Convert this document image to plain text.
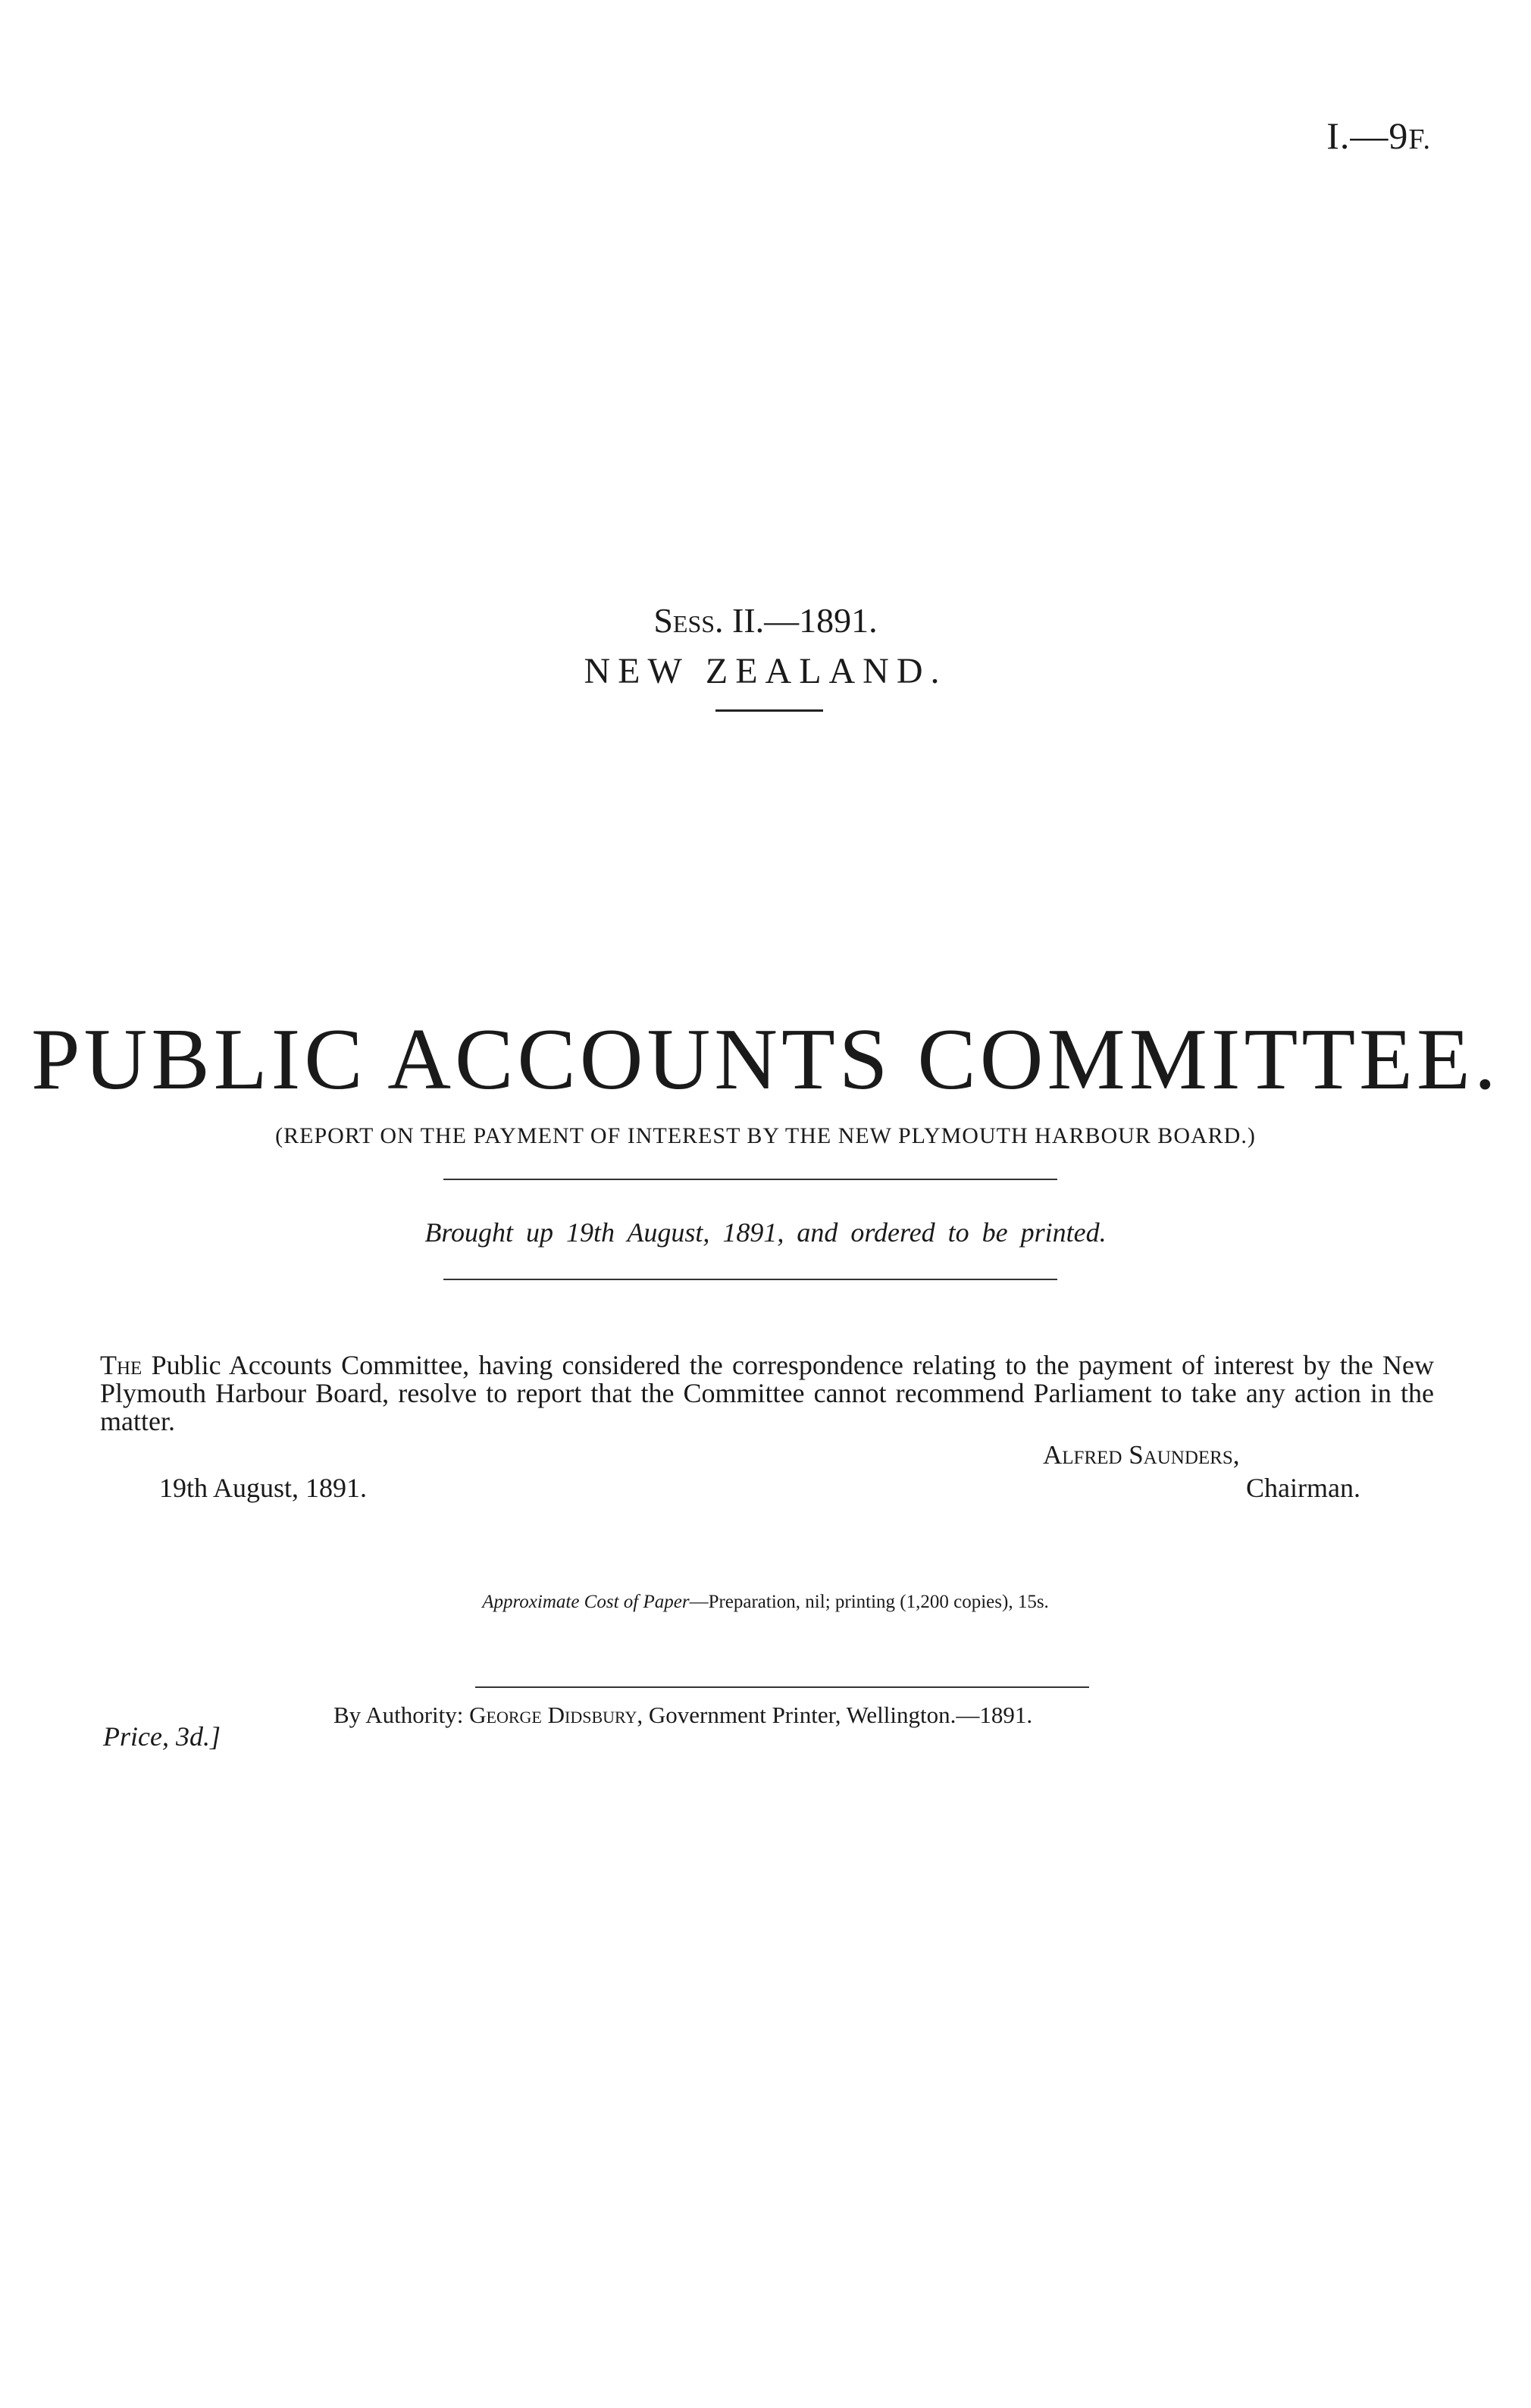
I.—9F.
Sess. II.—1891.
NEW ZEALAND.
PUBLIC ACCOUNTS COMMITTEE.
(REPORT ON THE PAYMENT OF INTEREST BY THE NEW PLYMOUTH HARBOUR BOARD.)
Brought up 19th August, 1891, and ordered to be printed.
The Public Accounts Committee, having considered the correspondence relating to the payment of interest by the New Plymouth Harbour Board, resolve to report that the Committee cannot recommend Parliament to take any action in the matter.
Alfred Saunders,
19th August, 1891.	Chairman.
Approximate Cost of Paper—Preparation, nil; printing (1,200 copies), 15s.
By Authority: George Didsbury, Government Printer, Wellington.—1891.
Price, 3d.]
